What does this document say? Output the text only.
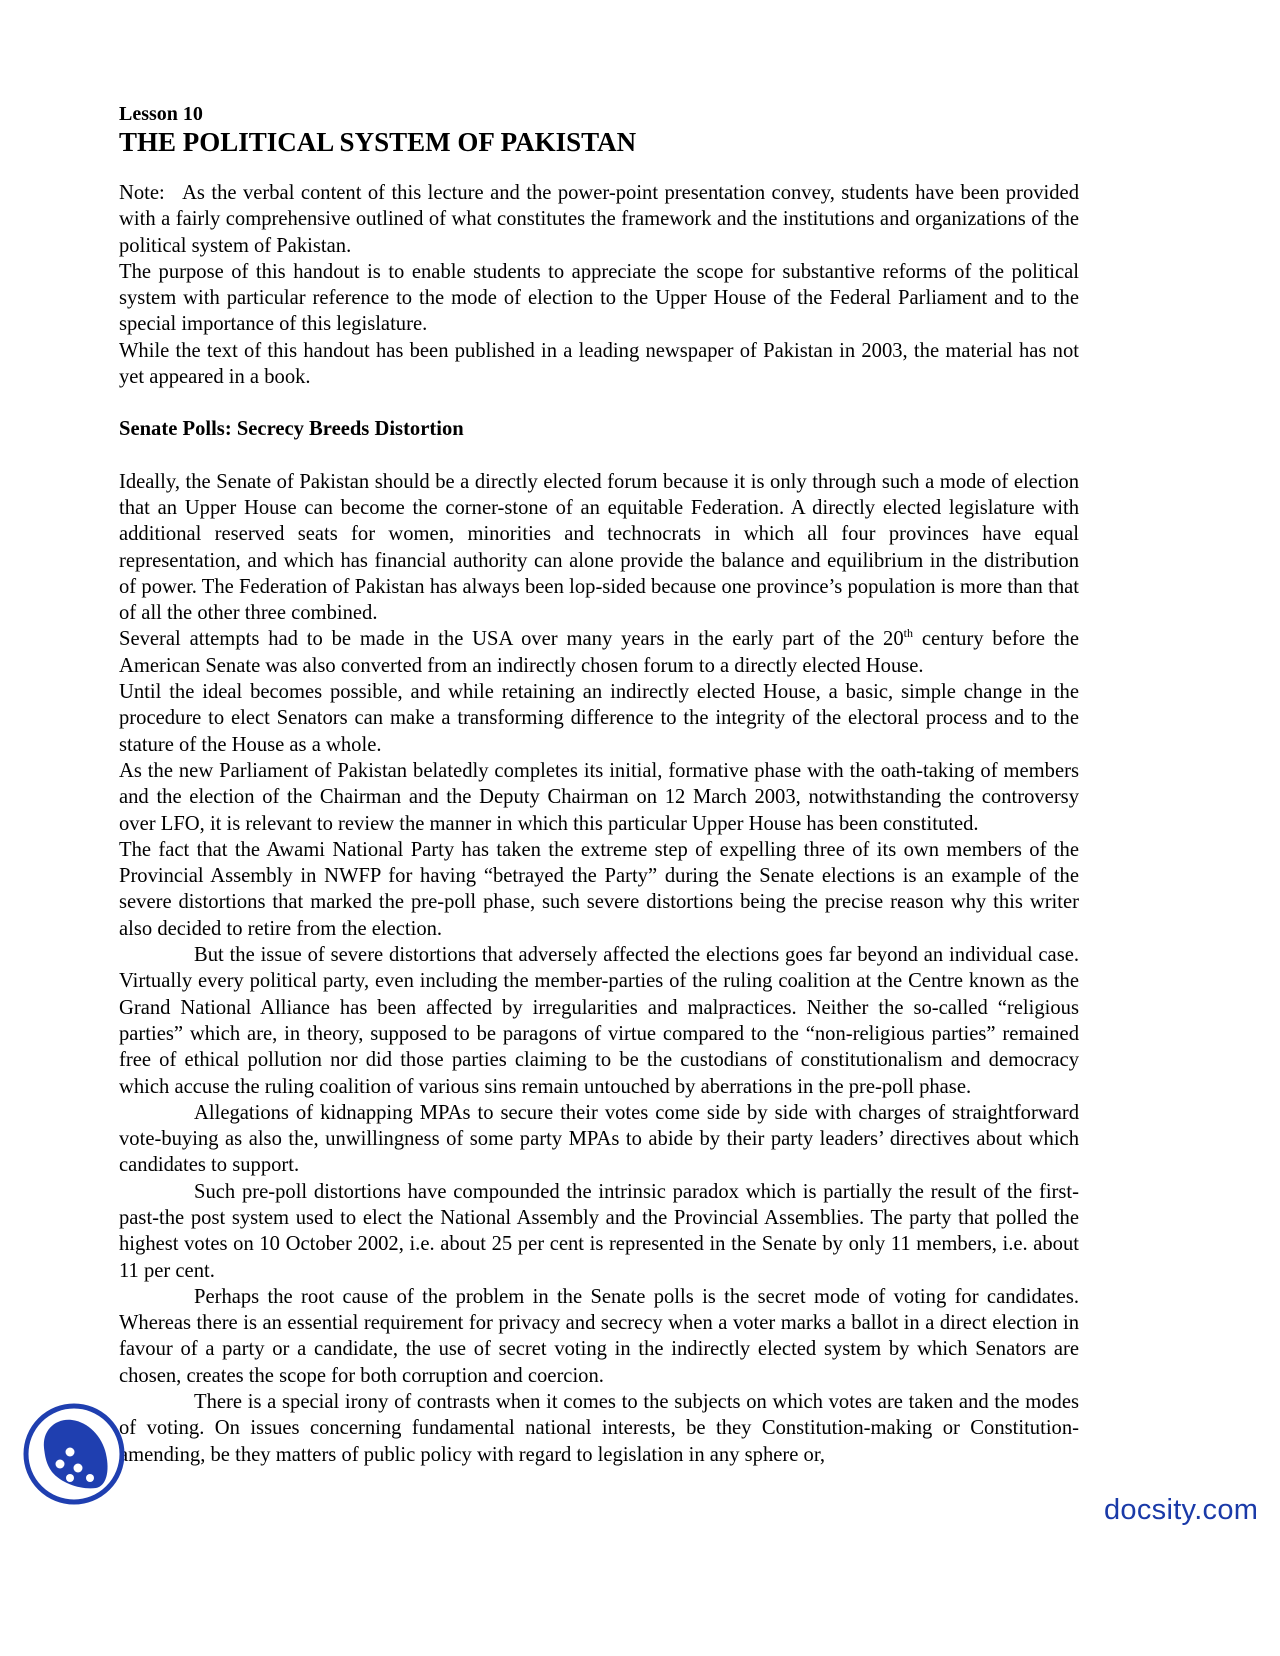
Lesson 10

THE POLITICAL SYSTEM OF PAKISTAN

Note: As the verbal content of this lecture and the power-point presentation convey, students have been provided with a fairly comprehensive outlined of what constitutes the framework and the institutions and organizations of the political system of Pakistan.

The purpose of this handout is to enable students to appreciate the scope for substantive reforms of the political system with particular reference to the mode of election to the Upper House of the Federal Parliament and to the special importance of this legislature.

While the text of this handout has been published in a leading newspaper of Pakistan in 2003, the material has not yet appeared in a book.

Senate Polls: Secrecy Breeds Distortion

Ideally, the Senate of Pakistan should be a directly elected forum because it is only through such a mode of election that an Upper House can become the corner-stone of an equitable Federation. A directly elected legislature with additional reserved seats for women, minorities and technocrats in which all four provinces have equal representation, and which has financial authority can alone provide the balance and equilibrium in the distribution of power. The Federation of Pakistan has always been lop-sided because one province’s population is more than that of all the other three combined.

Several attempts had to be made in the USA over many years in the early part of the 20th century before the American Senate was also converted from an indirectly chosen forum to a directly elected House.

Until the ideal becomes possible, and while retaining an indirectly elected House, a basic, simple change in the procedure to elect Senators can make a transforming difference to the integrity of the electoral process and to the stature of the House as a whole.

As the new Parliament of Pakistan belatedly completes its initial, formative phase with the oath-taking of members and the election of the Chairman and the Deputy Chairman on 12 March 2003, notwithstanding the controversy over LFO, it is relevant to review the manner in which this particular Upper House has been constituted.

The fact that the Awami National Party has taken the extreme step of expelling three of its own members of the Provincial Assembly in NWFP for having “betrayed the Party” during the Senate elections is an example of the severe distortions that marked the pre-poll phase, such severe distortions being the precise reason why this writer also decided to retire from the election.

But the issue of severe distortions that adversely affected the elections goes far beyond an individual case. Virtually every political party, even including the member-parties of the ruling coalition at the Centre known as the Grand National Alliance has been affected by irregularities and malpractices. Neither the so-called “religious parties” which are, in theory, supposed to be paragons of virtue compared to the “non-religious parties” remained free of ethical pollution nor did those parties claiming to be the custodians of constitutionalism and democracy which accuse the ruling coalition of various sins remain untouched by aberrations in the pre-poll phase.

Allegations of kidnapping MPAs to secure their votes come side by side with charges of straightforward vote-buying as also the, unwillingness of some party MPAs to abide by their party leaders’ directives about which candidates to support.

Such pre-poll distortions have compounded the intrinsic paradox which is partially the result of the first-past-the post system used to elect the National Assembly and the Provincial Assemblies. The party that polled the highest votes on 10 October 2002, i.e. about 25 per cent is represented in the Senate by only 11 members, i.e. about 11 per cent.

Perhaps the root cause of the problem in the Senate polls is the secret mode of voting for candidates. Whereas there is an essential requirement for privacy and secrecy when a voter marks a ballot in a direct election in favour of a party or a candidate, the use of secret voting in the indirectly elected system by which Senators are chosen, creates the scope for both corruption and coercion.

There is a special irony of contrasts when it comes to the subjects on which votes are taken and the modes of voting. On issues concerning fundamental national interests, be they Constitution-making or Constitution-amending, be they matters of public policy with regard to legislation in any sphere or,

docsity.com
